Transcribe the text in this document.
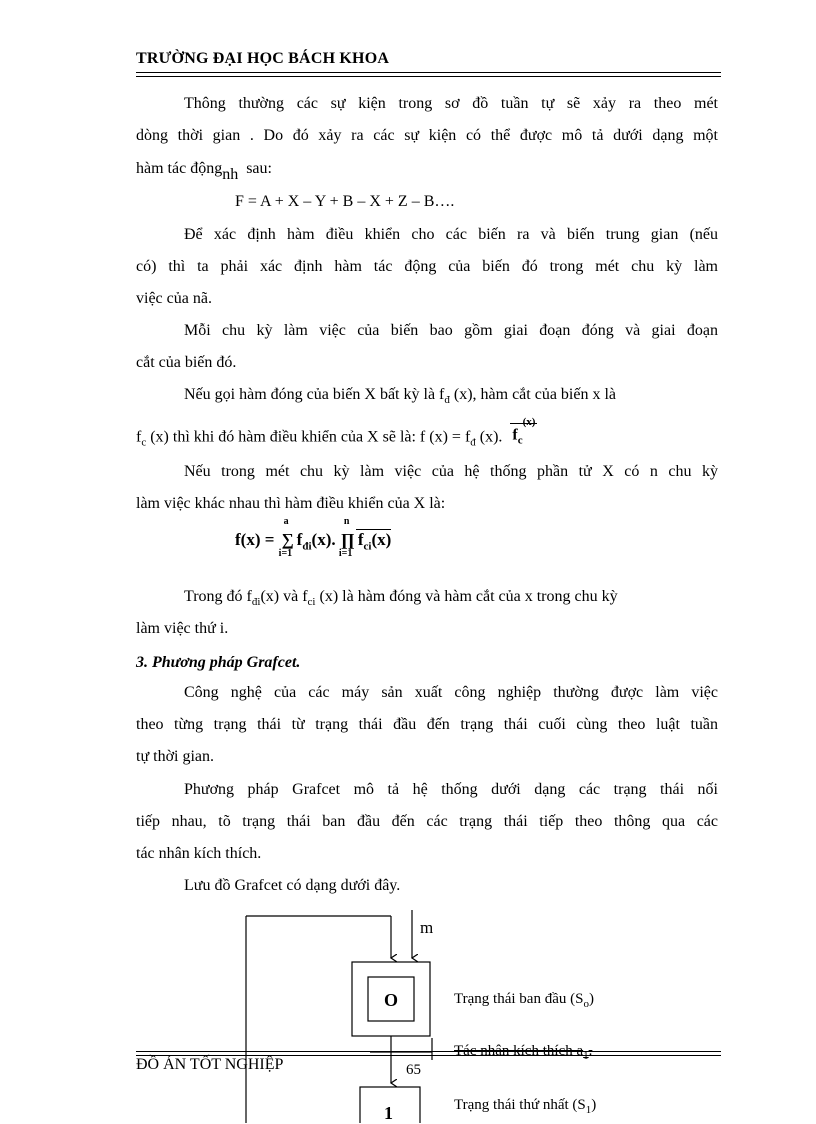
TRƯỜNG ĐẠI HỌC BÁCH KHOA
Thông thường các sự kiện trong sơ đồ tuần tự sẽ xảy ra theo mét
dòng thời gian . Do đó xảy ra các sự kiện có thể được mô tả dưới dạng một
hàm tác độngnh sau:
F = A + X – Y + B – X + Z – B….
Để xác định hàm điều khiển cho các biến ra và biến trung gian (nếu
có) thì ta phải xác định hàm tác động của biến đó trong mét chu kỳ làm
việc của nã.
Mỗi chu kỳ làm việc của biến bao gồm giai đoạn đóng và giai đoạn
cắt của biến đó.
Nếu gọi hàm đóng của biến X bất kỳ là $f_đ$ (x), hàm cắt của biến x là
$f_c$ (x) thì khi đó hàm điều khiển của X sẽ là: f $(x) = f_đ$ (x). $f_c^{(x)}$
Nếu trong mét chu kỳ làm việc của hệ thống phần tử X có n chu kỳ
làm việc khác nhau thì hàm điều khiển của X là:
f(x) =
a
∑
i=1
$f_{đi}(x)$.
n
∏
i=1
$f_{ci}(x)$
Trong đó $f_{đi}(x)$ và $f_{ci}$ (x) là hàm đóng và hàm cắt của x trong chu kỳ
làm việc thứ i.
3. Phương pháp Grafcet.
Công nghệ của các máy sản xuất công nghiệp thường được làm việc
theo từng trạng thái từ trạng thái đầu đến trạng thái cuối cùng theo luật tuần
tự thời gian.
Phương pháp Grafcet mô tả hệ thống dưới dạng các trạng thái nối
tiếp nhau, tõ trạng thái ban đầu đến các trạng thái tiếp theo thông qua các
tác nhân kích thích.
Lưu đồ Grafcet có dạng dưới đây.
m
O	Trạng thái ban đầu $(S_o)$
Tác nhân kích thích $a_1$.
1	Trạng thái thứ nhất $(S_1)$
ĐỒ ÁN TỐT NGHIỆP	65
